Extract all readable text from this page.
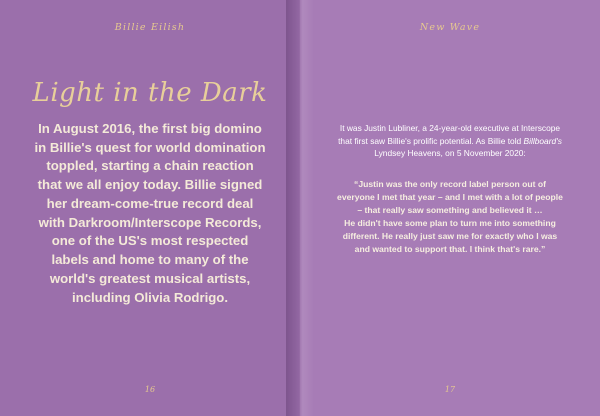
Billie Eilish
Light in the Dark
In August 2016, the first big domino in Billie's quest for world domination toppled, starting a chain reaction that we all enjoy today. Billie signed her dream-come-true record deal with Darkroom/Interscope Records, one of the US's most respected labels and home to many of the world's greatest musical artists, including Olivia Rodrigo.
16
New Wave
It was Justin Lubliner, a 24-year-old executive at Interscope that first saw Billie's prolific potential. As Billie told Billboard's Lyndsey Heavens, on 5 November 2020:

“Justin was the only record label person out of everyone I met that year – and I met with a lot of people – that really saw something and believed it …

He didn't have some plan to turn me into something different. He really just saw me for exactly who I was and wanted to support that. I think that's rare.”

17
